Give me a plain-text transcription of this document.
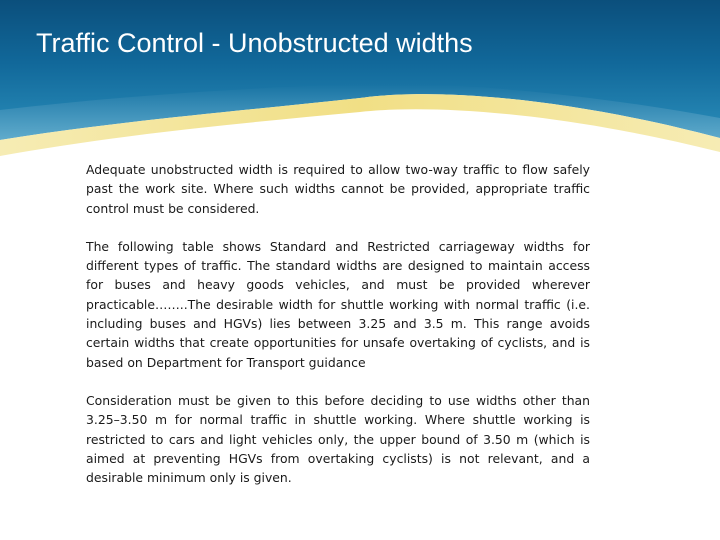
Traffic Control - Unobstructed widths

Adequate unobstructed width is required to allow two-way traffic to flow safely past the work site. Where such widths cannot be provided, appropriate traffic control must be considered.

The following table shows Standard and Restricted carriageway widths for different types of traffic. The standard widths are designed to maintain access for buses and heavy goods vehicles, and must be provided wherever practicable……..The desirable width for shuttle working with normal traffic (i.e. including buses and HGVs) lies between 3.25 and 3.5 m. This range avoids certain widths that create opportunities for unsafe overtaking of cyclists, and is based on Department for Transport guidance

Consideration must be given to this before deciding to use widths other than 3.25–3.50 m for normal traffic in shuttle working. Where shuttle working is restricted to cars and light vehicles only, the upper bound of 3.50 m (which is aimed at preventing HGVs from overtaking cyclists) is not relevant, and a desirable minimum only is given.
